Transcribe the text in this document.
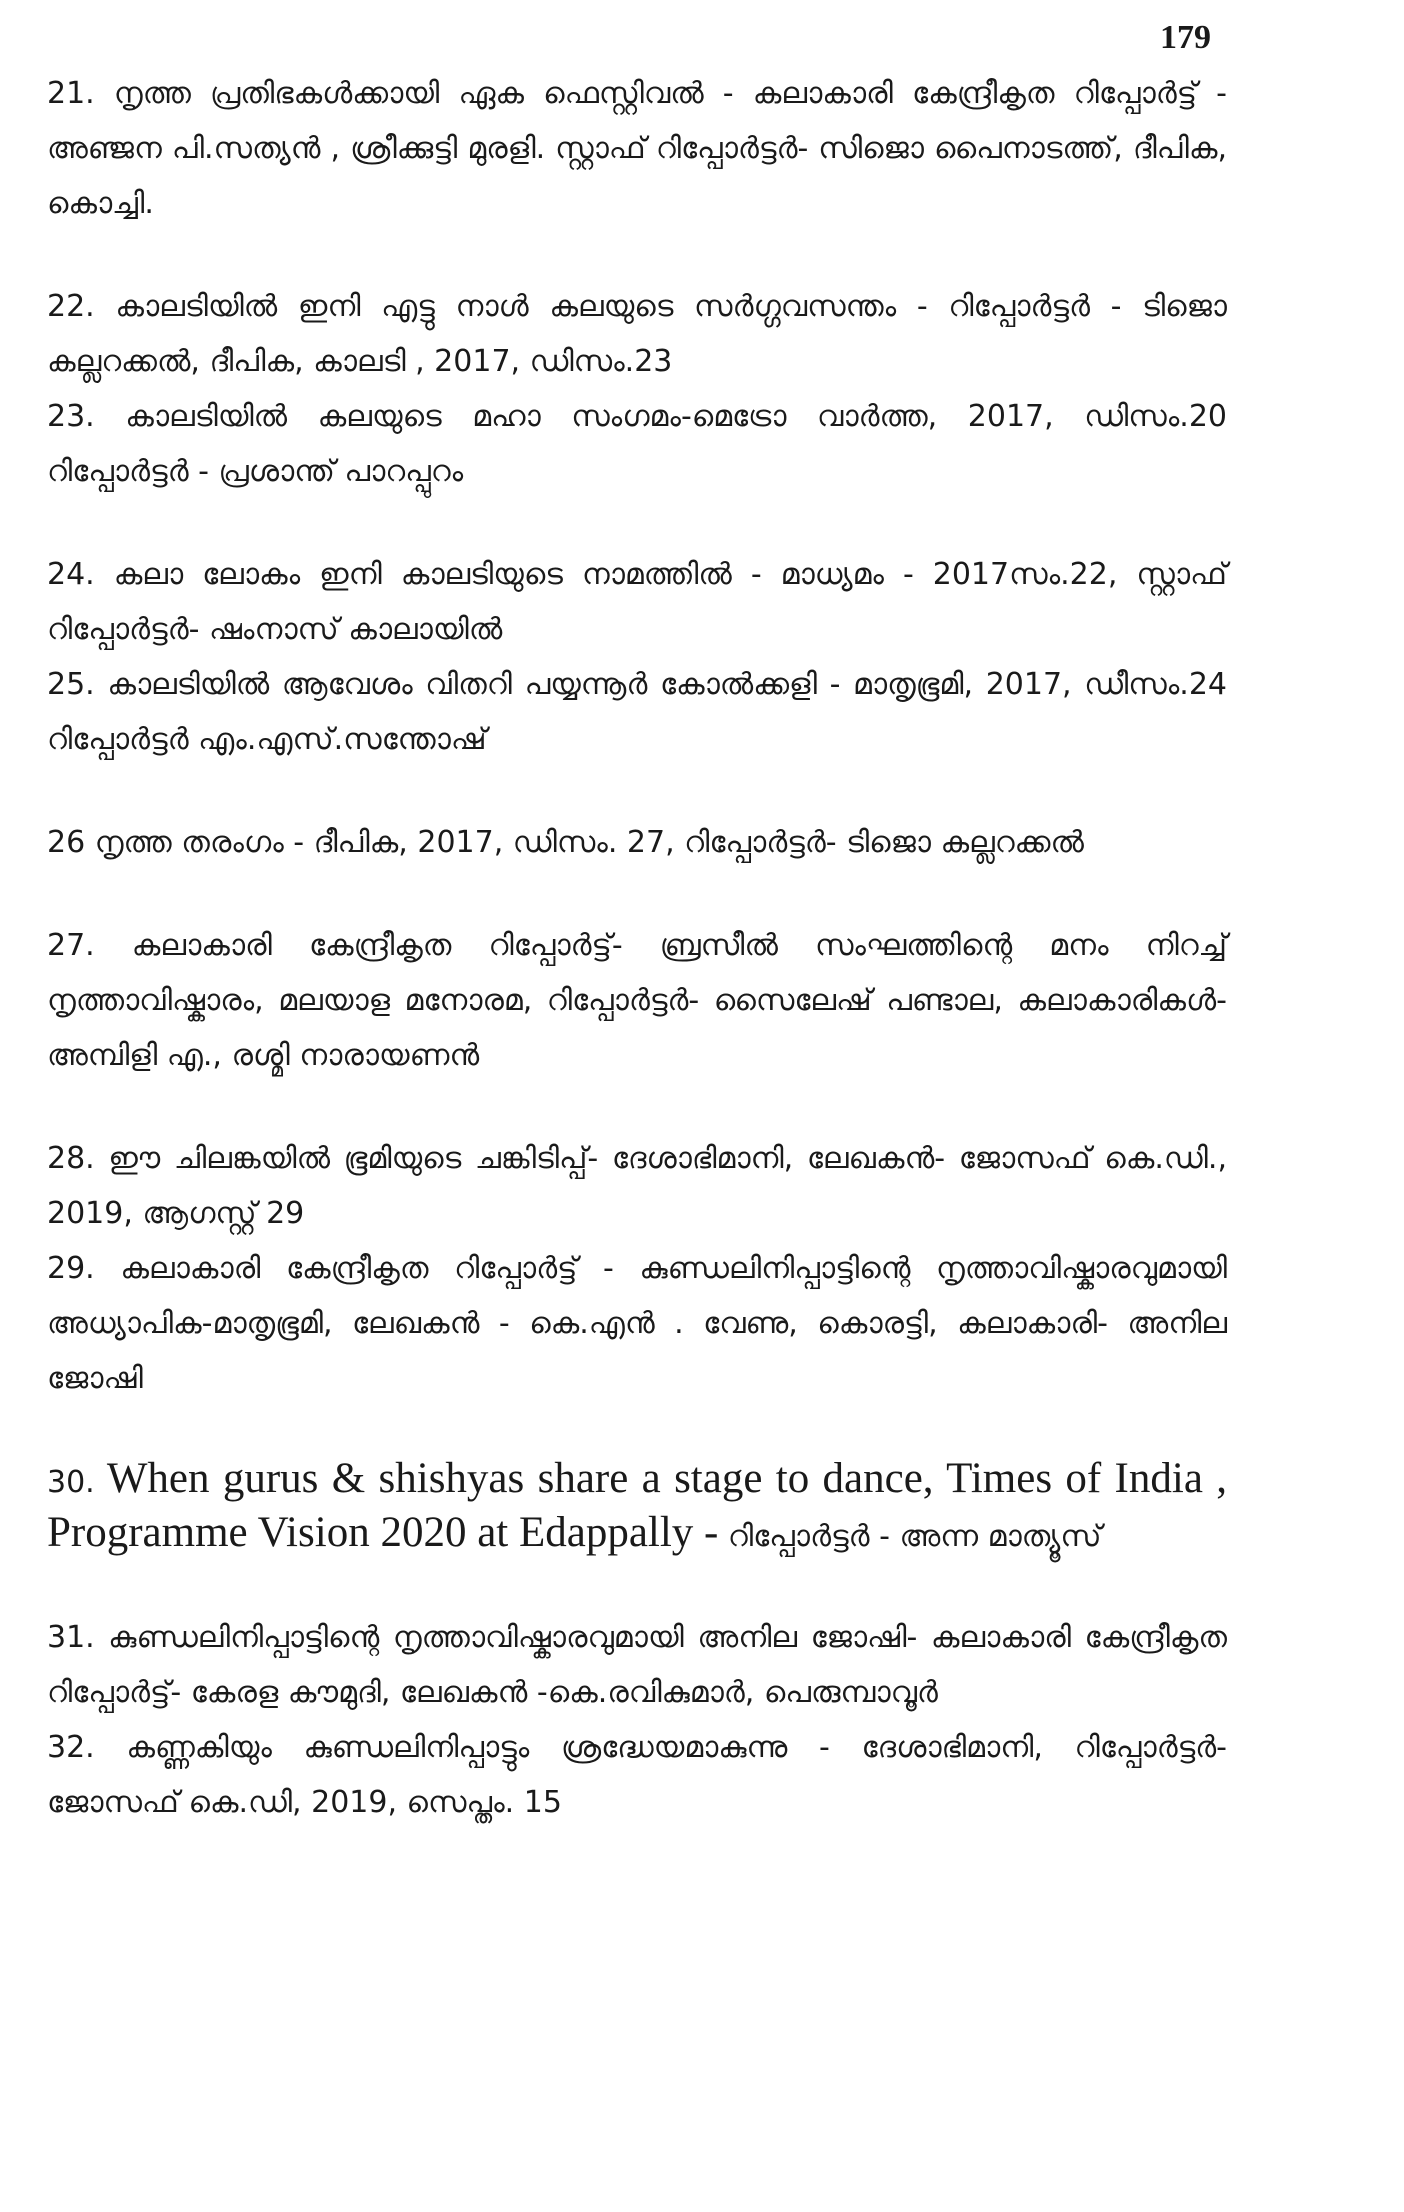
179

21. നൃത്ത പ്രതിഭകൾക്കായി ഏക ഫെസ്റ്റിവൽ - കലാകാരി കേന്ദ്രീകൃത റിപ്പോർട്ട് - അഞ്ജന പി.സത്യൻ , ശ്രീക്കുട്ടി മുരളി. സ്റ്റാഫ് റിപ്പോർട്ടർ- സിജൊ പൈനാടത്ത്, ദീപിക, കൊച്ചി.

22. കാലടിയിൽ ഇനി എട്ടു നാൾ കലയുടെ സർഗ്ഗവസന്തം - റിപ്പോർട്ടർ - ടിജൊ കല്ലറക്കൽ, ദീപിക, കാലടി , 2017, ഡിസം.23

23. കാലടിയിൽ കലയുടെ മഹാ സംഗമം-മെട്രോ വാർത്ത, 2017, ഡിസം.20 റിപ്പോർട്ടർ - പ്രശാന്ത് പാറപ്പുറം

24. കലാ ലോകം ഇനി കാലടിയുടെ നാമത്തിൽ - മാധ്യമം - 2017സം.22, സ്റ്റാഫ് റിപ്പോർട്ടർ- ഷംനാസ് കാലായിൽ

25. കാലടിയിൽ ആവേശം വിതറി പയ്യന്നൂർ കോൽക്കളി - മാതൃഭൂമി, 2017, ഡീസം.24 റിപ്പോർട്ടർ എം.എസ്.സന്തോഷ്

26 നൃത്ത തരംഗം - ദീപിക, 2017, ഡിസം. 27, റിപ്പോർട്ടർ- ടിജൊ കല്ലറക്കൽ

27. കലാകാരി കേന്ദ്രീകൃത റിപ്പോർട്ട്- ബ്രസീൽ സംഘത്തിന്റെ മനം നിറച്ച് നൃത്താവിഷ്കാരം, മലയാള മനോരമ, റിപ്പോർട്ടർ- സൈലേഷ് പണ്ടാല, കലാകാരികൾ- അമ്പിളി എ., രശ്മി നാരായണൻ

28. ഈ ചിലങ്കയിൽ ഭൂമിയുടെ ചങ്കിടിപ്പ്- ദേശാഭിമാനി, ലേഖകൻ- ജോസഫ് കെ.ഡി., 2019, ആഗസ്റ്റ് 29

29. കലാകാരി കേന്ദ്രീകൃത റിപ്പോർട്ട് - കുണ്ഡലിനിപ്പാട്ടിന്റെ നൃത്താവിഷ്കാരവുമായി അധ്യാപിക-മാതൃഭൂമി, ലേഖകൻ - കെ.എൻ . വേണു, കൊരട്ടി, കലാകാരി- അനില ജോഷി

30. When gurus & shishyas share a stage to dance, Times of India , Programme Vision 2020 at Edappally - റിപ്പോർട്ടർ - അന്ന മാത്യൂസ്

31. കുണ്ഡലിനിപ്പാട്ടിന്റെ നൃത്താവിഷ്കാരവുമായി അനില ജോഷി- കലാകാരി കേന്ദ്രീകൃത റിപ്പോർട്ട്- കേരള കൗമുദി, ലേഖകൻ -കെ.രവികുമാർ, പെരുമ്പാവൂർ

32. കണ്ണകിയും കുണ്ഡലിനിപ്പാട്ടും ശ്രദ്ധേയമാകുന്നു - ദേശാഭിമാനി, റിപ്പോർട്ടർ- ജോസഫ് കെ.ഡി, 2019, സെപ്തം. 15
